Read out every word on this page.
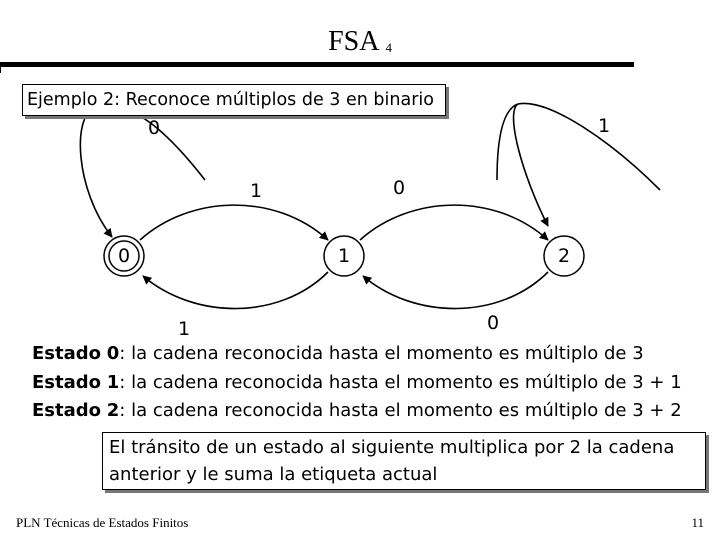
FSA 4
0	1	2
0	1
1	0
1	0
Ejemplo 2: Reconoce múltiplos de 3 en binario
Estado 0: la cadena reconocida hasta el momento es múltiplo de 3
Estado 1: la cadena reconocida hasta el momento es múltiplo de 3 + 1
Estado 2: la cadena reconocida hasta el momento es múltiplo de 3 + 2
El tránsito de un estado al siguiente multiplica por 2 la cadena
anterior y le suma la etiqueta actual
PLN Técnicas de Estados Finitos	11
